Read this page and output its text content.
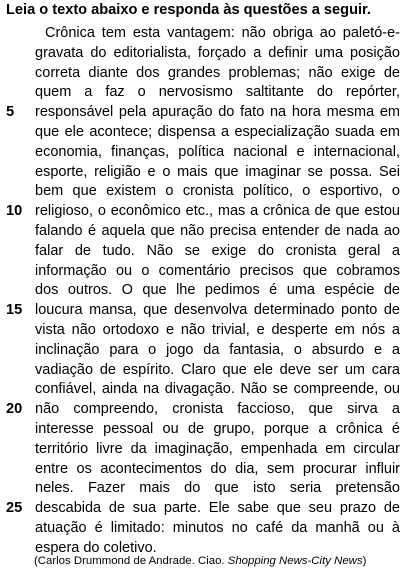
Leia o texto abaixo e responda às questões a seguir.
Crônica tem esta vantagem: não obriga ao paletó-e-
gravata do editorialista, forçado a definir uma posição
correta diante dos grandes problemas; não exige de
quem a faz o nervosismo saltitante do repórter,
5	responsável pela apuração do fato na hora mesma em
que ele acontece; dispensa a especialização suada em
economia, finanças, política nacional e internacional,
esporte, religião e o mais que imaginar se possa. Sei
bem que existem o cronista político, o esportivo, o
10 religioso, o econômico etc., mas a crônica de que estou
falando é aquela que não precisa entender de nada ao
falar de tudo. Não se exige do cronista geral a
informação ou o comentário precisos que cobramos
dos outros. O que lhe pedimos é uma espécie de
15 loucura mansa, que desenvolva determinado ponto de
vista não ortodoxo e não trivial, e desperte em nós a
inclinação para o jogo da fantasia, o absurdo e a
vadiação de espírito. Claro que ele deve ser um cara
confiável, ainda na divagação. Não se compreende, ou
20 não compreendo, cronista faccioso, que sirva a
interesse pessoal ou de grupo, porque a crônica é
território livre da imaginação, empenhada em circular
entre os acontecimentos do dia, sem procurar influir
neles. Fazer mais do que isto seria pretensão
25 descabida de sua parte. Ele sabe que seu prazo de
atuação é limitado: minutos no café da manhã ou à
espera do coletivo.
(Carlos Drummond de Andrade. Ciao. Shopping News-City News)
